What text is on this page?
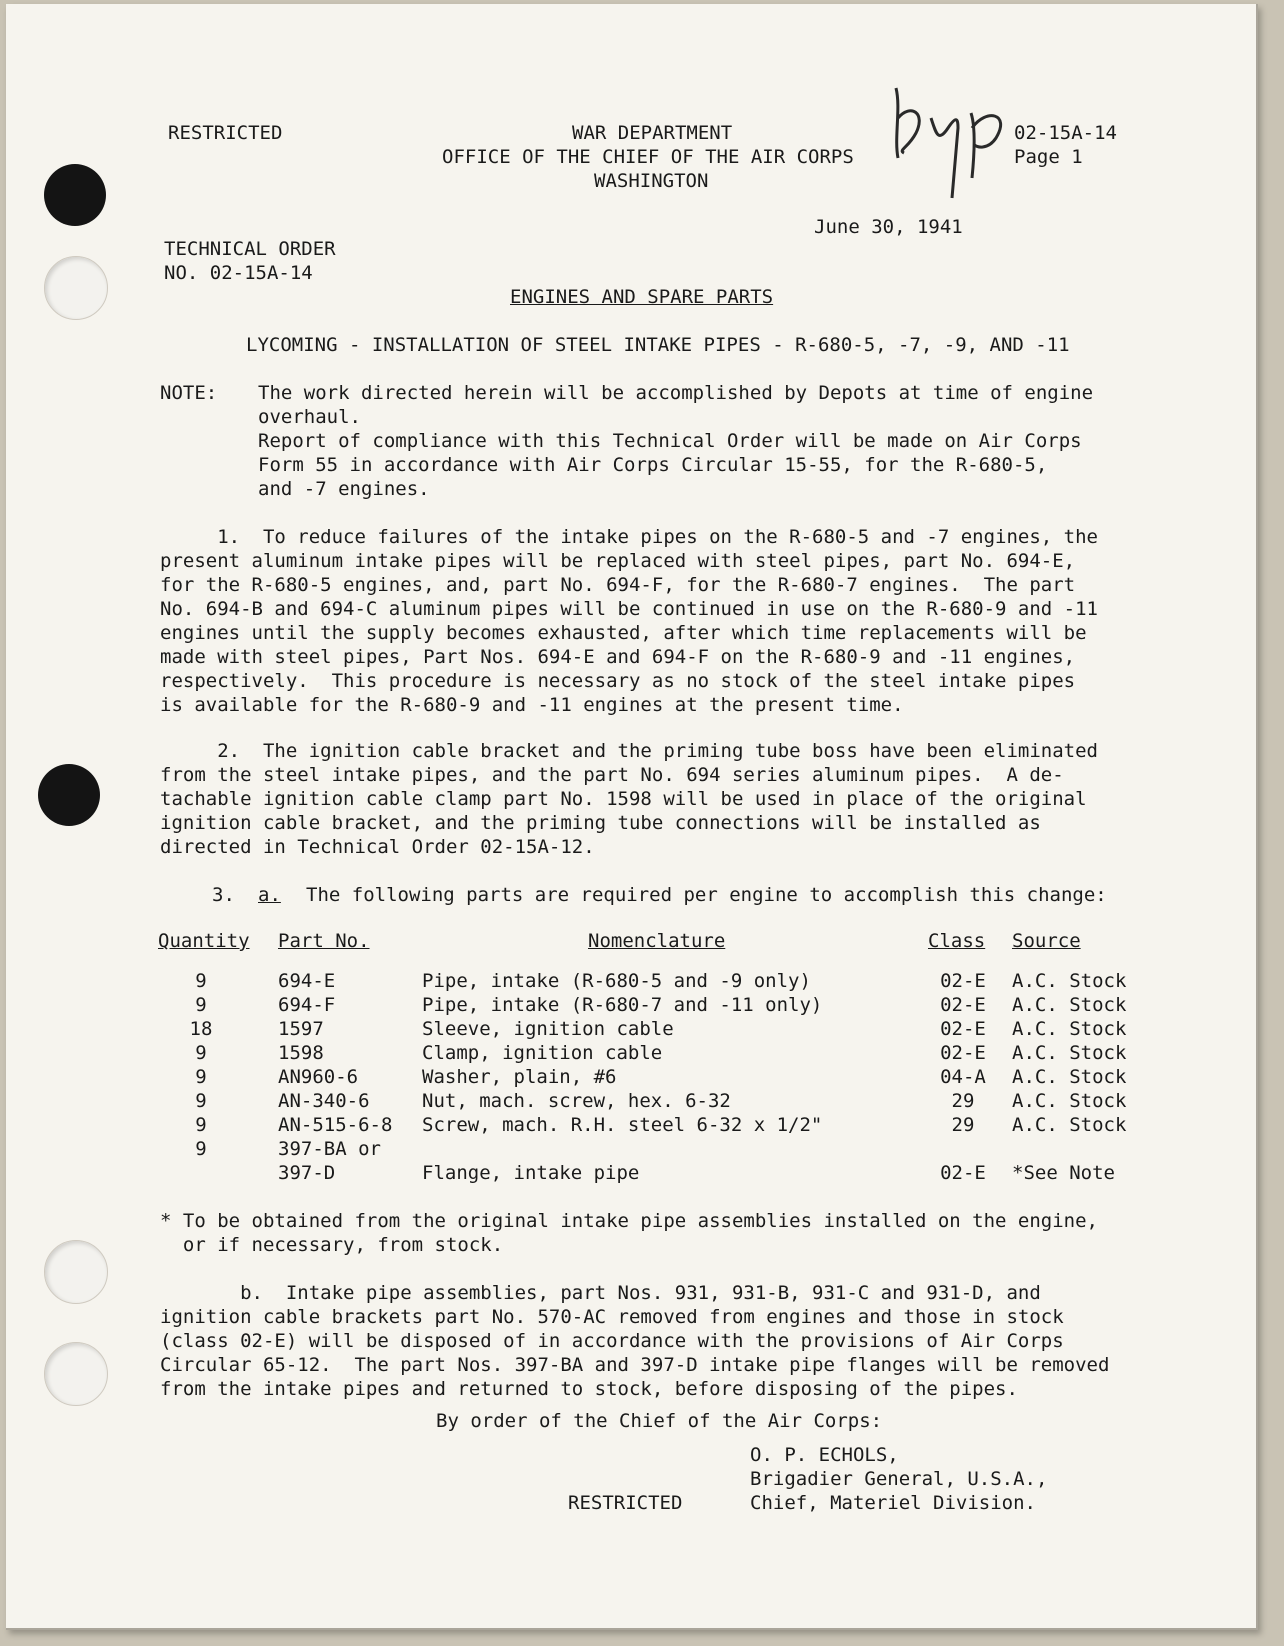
RESTRICTED	WAR DEPARTMENT
OFFICE OF THE CHIEF OF THE AIR CORPS
WASHINGTON
02-15A-14
Page 1
June 30, 1941
TECHNICAL ORDER
NO. 02-15A-14
ENGINES AND SPARE PARTS
LYCOMING - INSTALLATION OF STEEL INTAKE PIPES - R-680-5, -7, -9, AND -11
NOTE: The work directed herein will be accomplished by Depots at time of engine
overhaul.
Report of compliance with this Technical Order will be made on Air Corps
Form 55 in accordance with Air Corps Circular 15-55, for the R-680-5,
and -7 engines.
1.  To reduce failures of the intake pipes on the R-680-5 and -7 engines, the
present aluminum intake pipes will be replaced with steel pipes, part No. 694-E,
for the R-680-5 engines, and, part No. 694-F, for the R-680-7 engines.  The part
No. 694-B and 694-C aluminum pipes will be continued in use on the R-680-9 and -11
engines until the supply becomes exhausted, after which time replacements will be
made with steel pipes, Part Nos. 694-E and 694-F on the R-680-9 and -11 engines,
respectively.  This procedure is necessary as no stock of the steel intake pipes
is available for the R-680-9 and -11 engines at the present time.
2.  The ignition cable bracket and the priming tube boss have been eliminated
from the steel intake pipes, and the part No. 694 series aluminum pipes.  A de-
tachable ignition cable clamp part No. 1598 will be used in place of the original
ignition cable bracket, and the priming tube connections will be installed as
directed in Technical Order 02-15A-12.
3. a. The following parts are required per engine to accomplish this change:
Quantity Part No.	Nomenclature	Class Source
9	694-E	Pipe, intake (R-680-5 and -9 only)	02-E	A.C. Stock
9	694-F	Pipe, intake (R-680-7 and -11 only)	02-E	A.C. Stock
18	1597	Sleeve, ignition cable	02-E	A.C. Stock
9	1598	Clamp, ignition cable	02-E	A.C. Stock
9	AN960-6	Washer, plain, #6	04-A	A.C. Stock
9	AN-340-6	Nut, mach. screw, hex. 6-32	29	A.C. Stock
9	AN-515-6-8 Screw, mach. R.H. steel 6-32 x 1/2"	29	A.C. Stock
9	397-BA or
397-D	Flange, intake pipe	02-E	*See Note
* To be obtained from the original intake pipe assemblies installed on the engine,
or if necessary, from stock.
b.  Intake pipe assemblies, part Nos. 931, 931-B, 931-C and 931-D, and
ignition cable brackets part No. 570-AC removed from engines and those in stock
(class 02-E) will be disposed of in accordance with the provisions of Air Corps
Circular 65-12.  The part Nos. 397-BA and 397-D intake pipe flanges will be removed
from the intake pipes and returned to stock, before disposing of the pipes.
By order of the Chief of the Air Corps:
O. P. ECHOLS,
Brigadier General, U.S.A.,
Chief, Materiel Division.
RESTRICTED
